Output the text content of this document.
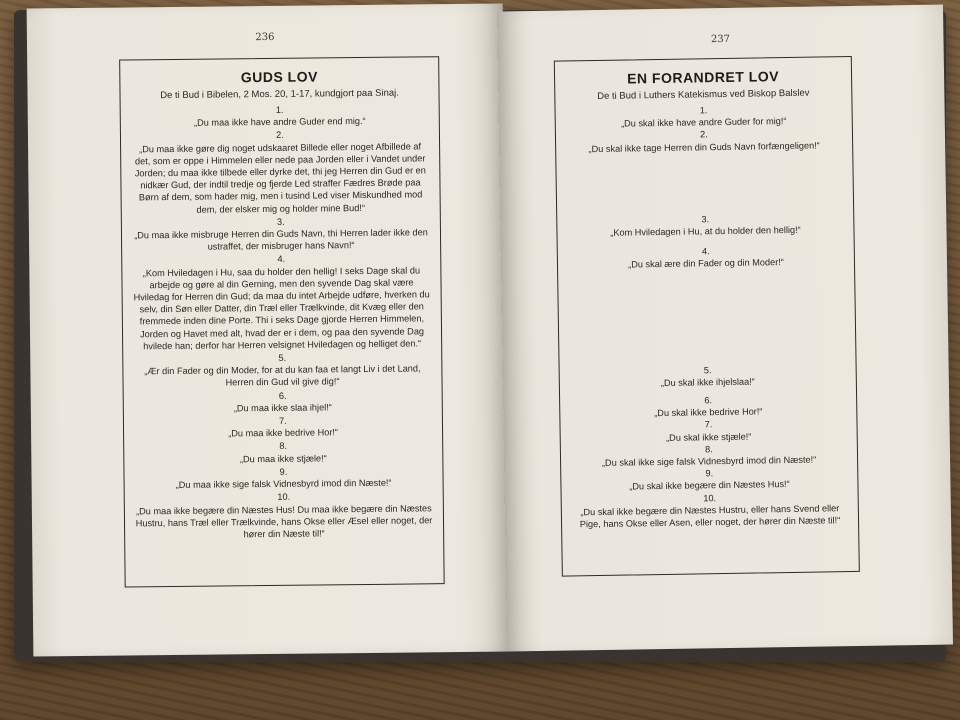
236
GUDS LOV
De ti Bud i Bibelen, 2 Mos. 20, 1-17, kundgjort paa Sinaj.
1.
„Du maa ikke have andre Guder end mig.“
2.
„Du maa ikke gøre dig noget udskaaret Billede eller noget Afbillede af det, som er oppe i Himmelen eller nede paa Jorden eller i Vandet under Jorden; du maa ikke tilbede eller dyrke det, thi jeg Herren din Gud er en nidkær Gud, der indtil tredje og fjerde Led straffer Fædres Brøde paa Børn af dem, som hader mig, men i tusind Led viser Miskundhed mod dem, der elsker mig og holder mine Bud!“
3.
„Du maa ikke misbruge Herren din Guds Navn, thi Herren lader ikke den ustraffet, der misbruger hans Navn!“
4.
„Kom Hviledagen i Hu, saa du holder den hellig! I seks Dage skal du arbejde og gøre al din Gerning, men den syvende Dag skal være Hviledag for Herren din Gud; da maa du intet Arbejde udføre, hverken du selv, din Søn eller Datter, din Træl eller Trælkvinde, dit Kvæg eller den fremmede inden dine Porte. Thi i seks Dage gjorde Herren Himmelen, Jorden og Havet med alt, hvad der er i dem, og paa den syvende Dag hvilede han; derfor har Herren velsignet Hviledagen og helliget den.“
5.
„Ær din Fader og din Moder, for at du kan faa et langt Liv i det Land, Herren din Gud vil give dig!“
6.
„Du maa ikke slaa ihjel!“
7.
„Du maa ikke bedrive Hor!“
8.
„Du maa ikke stjæle!“
9.
„Du maa ikke sige falsk Vidnesbyrd imod din Næste!“
10.
„Du maa ikke begære din Næstes Hus! Du maa ikke begære din Næstes Hustru, hans Træl eller Trælkvinde, hans Okse eller Æsel eller noget, der hører din Næste til!“
237
EN FORANDRET LOV
De ti Bud i Luthers Katekismus ved Biskop Balslev
1.
„Du skal ikke have andre Guder for mig!“
2.
„Du skal ikke tage Herren din Guds Navn forfængeligen!“
3.
„Kom Hviledagen i Hu, at du holder den hellig!“
4.
„Du skal ære din Fader og din Moder!“
5.
„Du skal ikke ihjelslaa!“
6.
„Du skal ikke bedrive Hor!“
7.
„Du skal ikke stjæle!“
8.
„Du skal ikke sige falsk Vidnesbyrd imod din Næste!“
9.
„Du skal ikke begære din Næstes Hus!“
10.
„Du skal ikke begære din Næstes Hustru, eller hans Svend eller Pige, hans Okse eller Asen, eller noget, der hører din Næste til!“
